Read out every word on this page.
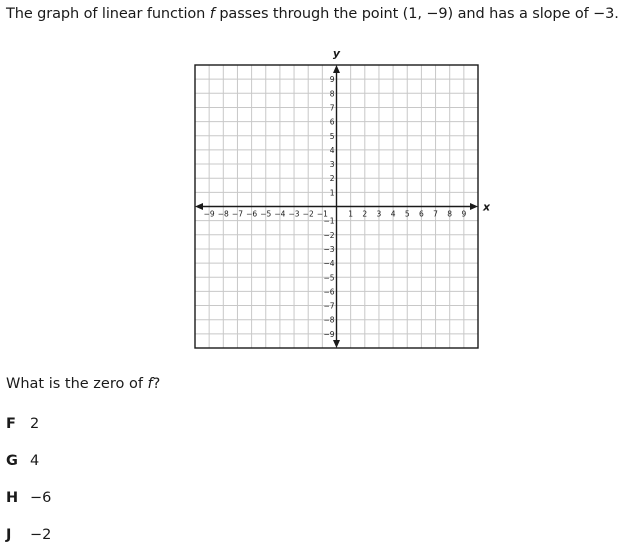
The graph of linear function f passes through the point (1, −9) and has a slope of −3.
−9 −8 −7 −6 −5 −4 −3 −2 −1	1 2 3 4 5 6 7 8 9
9
8
7
6
5
4
3
2
1
−1
−2
−3
−4
−5
−6
−7
−8
−9
x
y
What is the zero of f?
F 2
G 4
H −6
J	−2
